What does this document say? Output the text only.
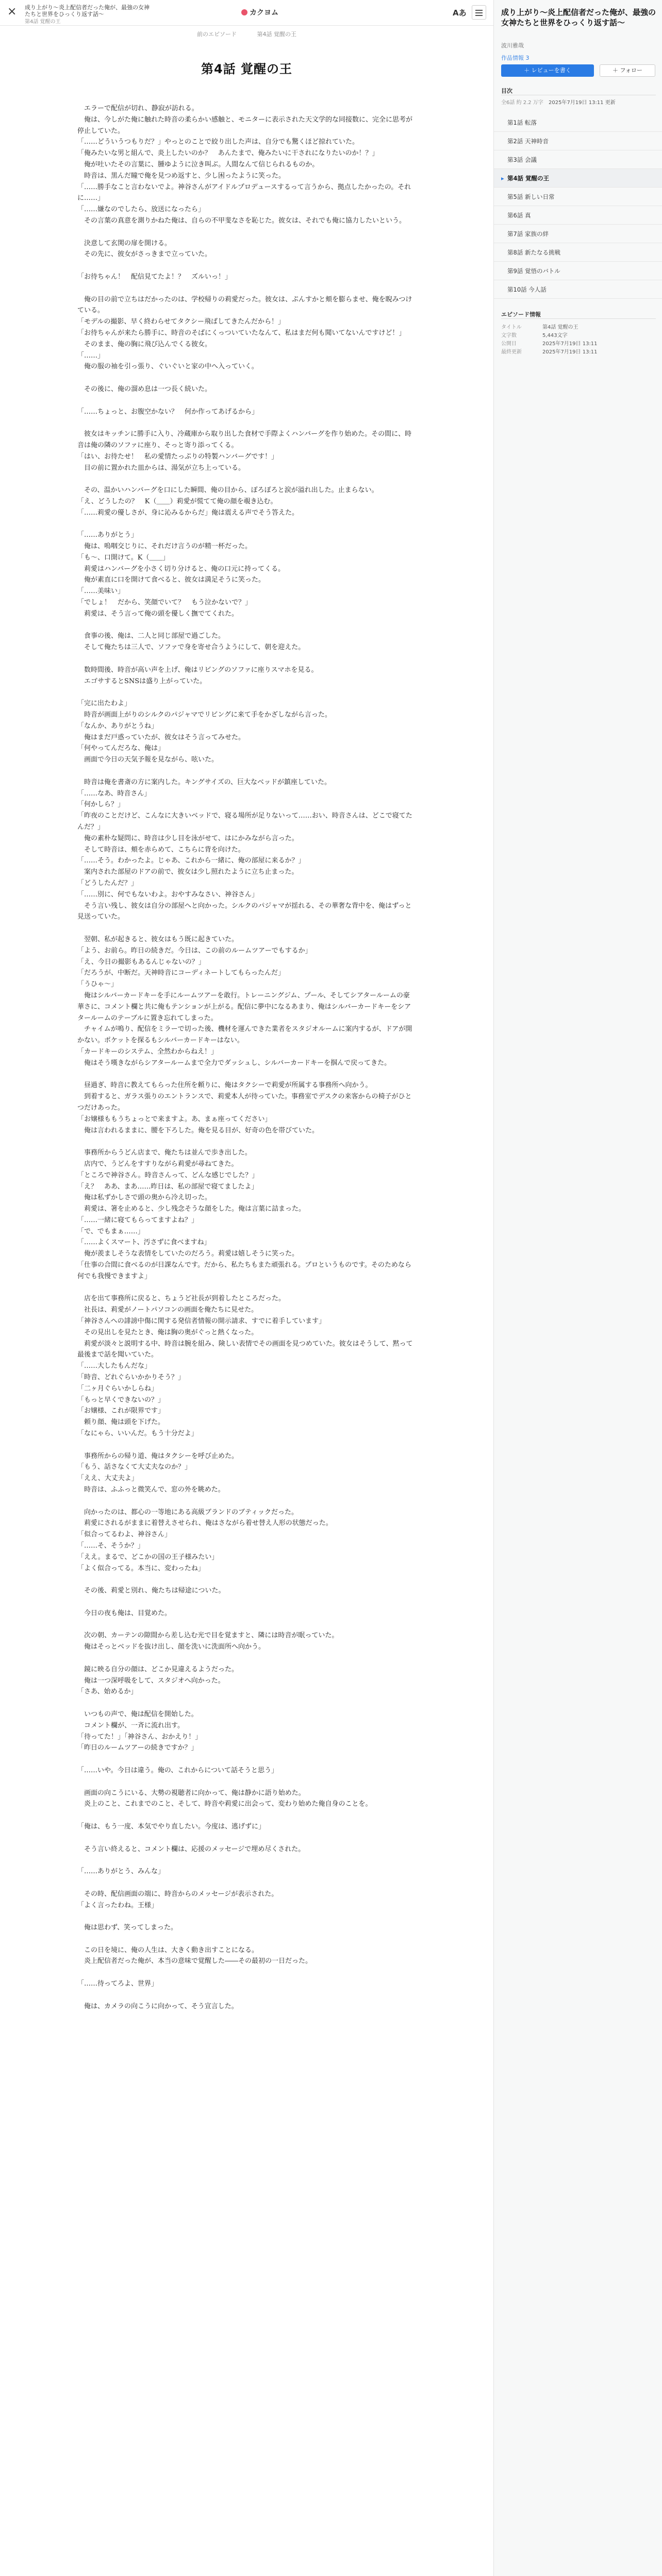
× 成り上がり〜炎上配信者だった俺が、最強の女神たちと世界をひっくり返す話〜
第4話 覚醒の王
カクヨム	Aあ
前のエピソード	第4話 覚醒の王
第4話 覚醒の王

　エラーで配信が切れ、静寂が訪れる。

　俺は、今しがた俺に触れた時音の柔らかい感触と、モニターに表示された天文学的な同接数に、完全に思考が停止していた。

「……どういうつもりだ？」やっとのことで絞り出した声は、自分でも驚くほど掠れていた。

「俺みたいな男と組んで、炎上したいのか？　あんたまで、俺みたいに干されになりたいのか！？」

　俺が吐いたその言葉に、腫ゆように泣き叫ぶ。人間なんて信じられるものか。

　時音は、黒んだ瞳で俺を見つめ返すと、少し困ったように笑った。

「……勝手なこと言わないでよ。神谷さんがアイドルプロデュースするって言うから、拠点したかったの。それに……」

「……嫌なのでしたら、放送になったら」

　その言葉の真意を測りかねた俺は、自らの不甲斐なさを恥じた。彼女は、それでも俺に協力したいという。

　決意して玄関の扉を開ける。

　その先に、彼女がさっきまで立っていた。

「お待ちゃん！　配信見てたよ！？　ズルいっ！」

　俺の目の前で立ちはだかったのは、学校帰りの莉愛だった。彼女は、ぷんすかと頬を膨らませ、俺を睨みつけている。

「モデルの撮影、早く終わらせてタクシー飛ばしてきたんだから！」

「お待ちゃんが来たら勝手に、時音のそばにくっついていたなんて、私はまだ何も聞いてないんですけど！」

　そのまま、俺の胸に飛び込んでくる彼女。

「……」

　俺の服の袖を引っ張り、ぐいぐいと家の中へ入っていく。

　その後に、俺の溜め息は一つ長く続いた。

「……ちょっと、お腹空かない？　何か作ってあげるから」

　彼女はキッチンに勝手に入り、冷蔵庫から取り出した食材で手際よくハンバーグを作り始めた。その間に、時音は俺の隣のソファに座り、そっと寄り添ってくる。

「はい、お待たせ！　私の愛情たっぷりの特製ハンバーグです！」

　目の前に置かれた皿からは、湯気が立ち上っている。

　その、温かいハンバーグを口にした瞬間、俺の目から、ぽろぽろと涙が溢れ出した。止まらない。

「え、どうしたの？　K（＿＿）莉愛が慌てて俺の顔を覗き込む。

「……莉愛の優しさが、身に沁みるからだ」俺は震える声でそう答えた。

「……ありがとう」

　俺は、嗚咽交じりに、それだけ言うのが精一杯だった。

「も〜、口開けて。K（＿＿」

　莉愛はハンバーグを小さく切り分けると、俺の口元に持ってくる。

　俺が素直に口を開けて食べると、彼女は満足そうに笑った。

「……美味い」

「でしょ！　だから、笑顔でいて？　もう泣かないで？」

　莉愛は、そう言って俺の頭を優しく撫でてくれた。

　食事の後、俺は、二人と同じ部屋で過ごした。

　そして俺たちは三人で、ソファで身を寄せ合うようにして、朝を迎えた。

　数時間後、時音が高い声を上げ、俺はリビングのソファに座りスマホを見る。

　エゴサするとSNSは盛り上がっていた。

「完に出たわよ」

　時音が画面上がりのシルクのパジャマでリビングに来て手をかざしながら言った。

「なんか、ありがとうね」

　俺はまだ戸惑っていたが、彼女はそう言ってみせた。

「何やってんだろな、俺は」

　画面で今日の天気予報を見ながら、呟いた。

　時音は俺を書斎の方に案内した。キングサイズの、巨大なベッドが鎮座していた。

「……なあ、時音さん」

「何かしら？」

「昨夜のことだけど、こんなに大きいベッドで、寝る場所が足りないって……おい、時音さんは、どこで寝てたんだ？」

　俺の素朴な疑問に、時音は少し目を泳がせて、はにかみながら言った。

　そして時音は、頬を赤らめて、こちらに背を向けた。

「……そう。わかったよ。じゃあ、これから一緒に、俺の部屋に来るか？」

　案内された部屋のドアの前で、彼女は少し照れたように立ち止まった。

「どうしたんだ？」

「……別に、何でもないわよ。おやすみなさい、神谷さん」

　そう言い残し、彼女は自分の部屋へと向かった。シルクのパジャマが揺れる、その華奢な背中を、俺はずっと見送っていた。

　翌朝、私が起きると、彼女はもう既に起きていた。

「よう、お前ら。昨日の続きだ。今日は、この前のルームツアーでもするか」

「え、今日の撮影もあるんじゃないの？」

「だろうが、中断だ。天神時音にコーディネートしてもらったんだ」

「うひゃ〜」

　俺はシルバーカードキーを手にルームツアーを敢行。トレーニングジム、プール、そしてシアタールームの豪華さに、コメント欄と共に俺もテンションが上がる。配信に夢中になるあまり、俺はシルバーカードキーをシアタールームのテーブルに置き忘れてしまった。

　チャイムが鳴り、配信をミラーで切った後、機材を運んできた業者をスタジオルームに案内するが、ドアが開かない。ポケットを探るもシルバーカードキーはない。

「カードキーのシステム、全然わからねえ！」

　俺はそう嘆きながらシアタールームまで全力でダッシュし、シルバーカードキーを掴んで戻ってきた。

　昼過ぎ、時音に教えてもらった住所を頼りに、俺はタクシーで莉愛が所属する事務所へ向かう。

　到着すると、ガラス張りのエントランスで、莉愛本人が待っていた。事務室でデスクの来客からの椅子がひとつだけあった。

「お嬢様ももうちょっとで来ますよ。あ、まぁ座ってください」

　俺は言われるままに、腰を下ろした。俺を見る目が、好奇の色を帯びていた。

　事務所からうどん店まで、俺たちは並んで歩き出した。

　店内で、うどんをすすりながら莉愛が尋ねてきた。

「ところで神谷さん。時音さんって、どんな感じでした？」

「え？　ああ、まあ……昨日は、私の部屋で寝てましたよ」

　俺は私ずかしさで頭の奥から冷え切った。

　莉愛は、箸を止めると、少し残念そうな顔をした。俺は言葉に詰まった。

「……一緒に寝てもらってますよね？」

「で、でもまぁ……」

「……よくスマート、汚さずに食べますね」

　俺が羨ましそうな表情をしていたのだろう。莉愛は嬉しそうに笑った。

「仕事の合間に食べるのが日課なんです。だから、私たちもまた頑張れる。プロというものです。そのためなら何でも我慢できますよ」

　店を出て事務所に戻ると、ちょうど社長が到着したところだった。

　社長は、莉愛がノートパソコンの画面を俺たちに見せた。

「神谷さんへの誹謗中傷に関する発信者情報の開示請求、すでに着手しています」

　その見出しを見たとき、俺は胸の奥がぐっと熱くなった。

　莉愛が淡々と説明する中、時音は腕を組み、険しい表情でその画面を見つめていた。彼女はそうして、黙って最後まで話を聞いていた。

「……大したもんだな」

「時音、どれぐらいかかりそう？」

「二ヶ月ぐらいかしらね」

「もっと早くできないの？」

「お嬢様、これが限界です」

　頼り顔、俺は頭を下げた。

「なにゃら、いいんだ。もう十分だよ」

　事務所からの帰り道、俺はタクシーを呼び止めた。

「もう、話さなくて大丈夫なのか？」

「ええ、大丈夫よ」

　時音は、ふふっと微笑んで、窓の外を眺めた。

　向かったのは、都心の一等地にある高級ブランドのブティックだった。

　莉愛にされるがままに着替えさせられ、俺はさながら着せ替え人形の状態だった。

「似合ってるわよ、神谷さん」

「……そ、そうか？」

「ええ。まるで、どこかの国の王子様みたい」

「よく似合ってる。本当に、変わったね」

　その後、莉愛と別れ、俺たちは帰途についた。

　今日の夜も俺は、目覚めた。

　次の朝、カーテンの隙間から差し込む光で目を覚ますと、隣には時音が眠っていた。

　俺はそっとベッドを抜け出し、顔を洗いに洗面所へ向かう。

　鏡に映る自分の顔は、どこか見違えるようだった。

　俺は一つ深呼吸をして、スタジオへ向かった。

「さあ、始めるか」

　いつもの声で、俺は配信を開始した。

　コメント欄が、一斉に流れ出す。

「待ってた！」「神谷さん、おかえり！」

「昨日のルームツアーの続きですか？」

「……いや。今日は違う。俺の、これからについて話そうと思う」

　画面の向こうにいる、大勢の視聴者に向かって、俺は静かに語り始めた。

　炎上のこと、これまでのこと、そして、時音や莉愛に出会って、変わり始めた俺自身のことを。

「俺は、もう一度、本気でやり直したい。今度は、逃げずに」

　そう言い終えると、コメント欄は、応援のメッセージで埋め尽くされた。

「……ありがとう、みんな」

　その時、配信画面の端に、時音からのメッセージが表示された。

「よく言ったわね。王様」

　俺は思わず、笑ってしまった。

　この日を境に、俺の人生は、大きく動き出すことになる。

　炎上配信者だった俺が、本当の意味で覚醒した――その最初の一日だった。

「……待ってろよ、世界」

　俺は、カメラの向こうに向かって、そう宣言した。

成り上がり〜炎上配信者だった俺が、最強の女神たちと世界をひっくり返す話〜
波川雅哉
作品情報 3
＋ レビューを書く	＋ フォロー
目次
全6話 約 2.2 万字 2025年7月19日 13:11 更新
第1話 転落
第2話 天神時音
第3話 会議
▸ 第4話 覚醒の王
第5話 新しい日常
第6話 真
第7話 家族の絆
第8話 新たなる挑戦
第9話 覚悟のバトル
第10話 今人話
エピソード情報
タイトル	第4話 覚醒の王
文字数	5,443文字
公開日	2025年7月19日 13:11
最終更新	2025年7月19日 13:11
